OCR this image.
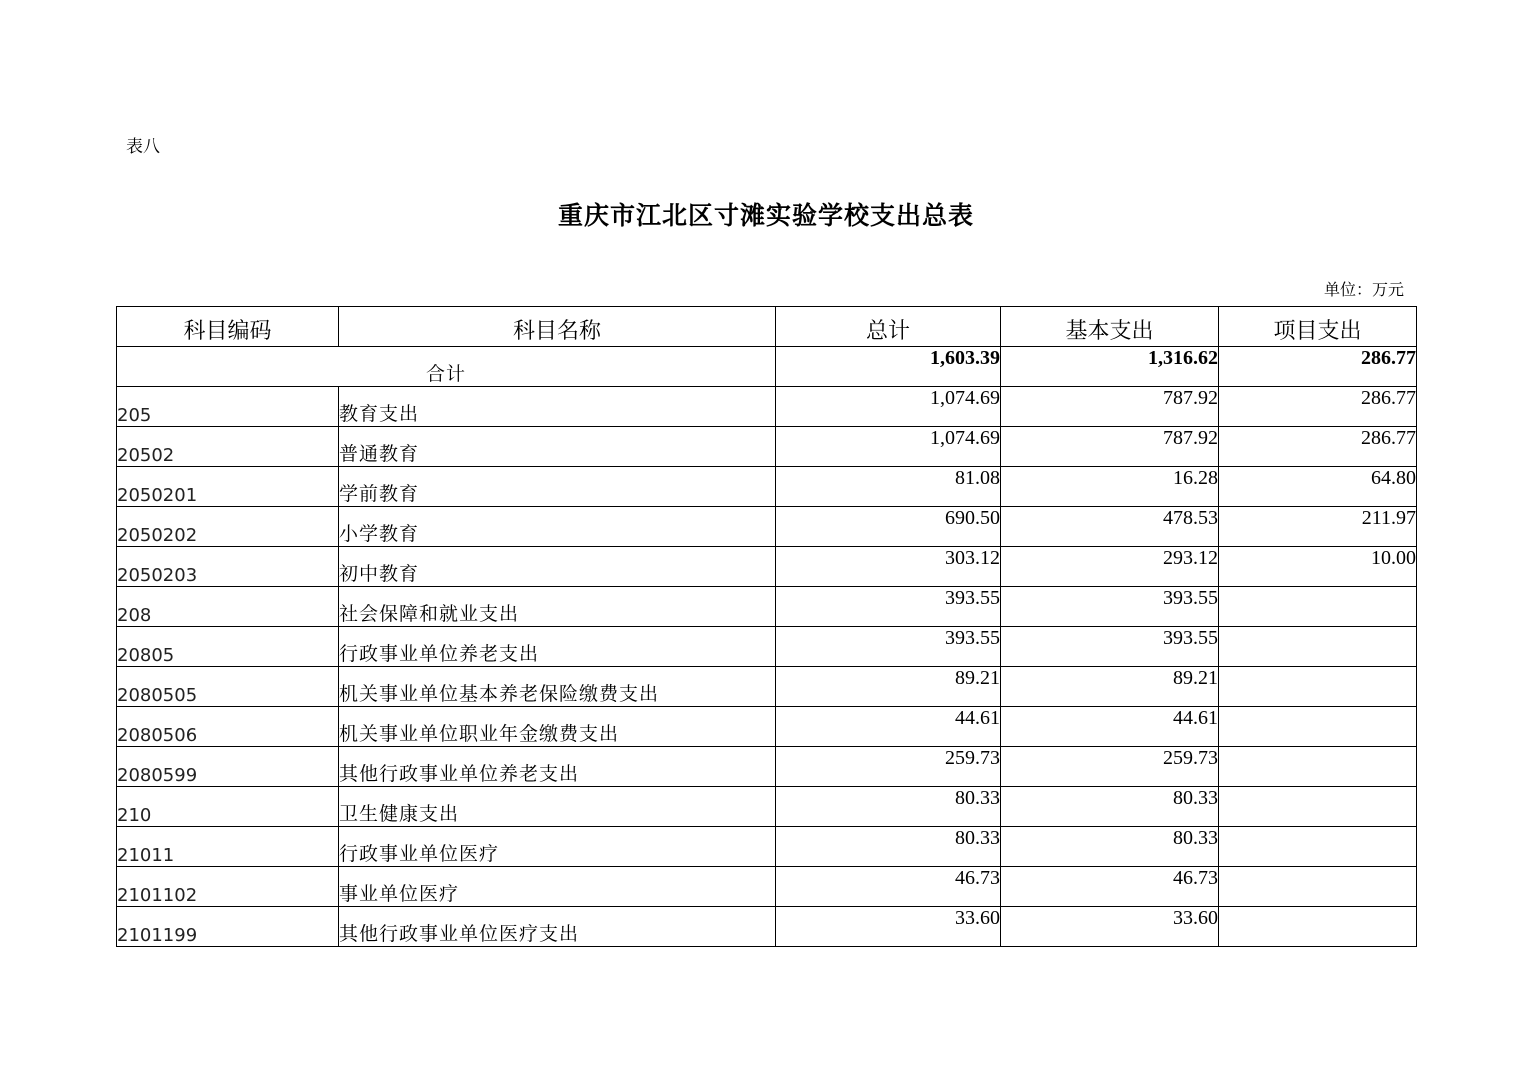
表八
重庆市江北区寸滩实验学校支出总表
单位：万元
科目编码	科目名称	总计	基本支出	项目支出
合计		1,603.39	1,316.62	286.77
205	教育支出	1,074.69	787.92	286.77
20502	普通教育	1,074.69	787.92	286.77
2050201	学前教育	81.08	16.28	64.80
2050202	小学教育	690.50	478.53	211.97
2050203	初中教育	303.12	293.12	10.00
208	社会保障和就业支出	393.55	393.55	
20805	行政事业单位养老支出	393.55	393.55	
2080505	机关事业单位基本养老保险缴费支出	89.21	89.21	
2080506	机关事业单位职业年金缴费支出	44.61	44.61	
2080599	其他行政事业单位养老支出	259.73	259.73	
210	卫生健康支出	80.33	80.33	
21011	行政事业单位医疗	80.33	80.33	
2101102	事业单位医疗	46.73	46.73	
2101199	其他行政事业单位医疗支出	33.60	33.60	
